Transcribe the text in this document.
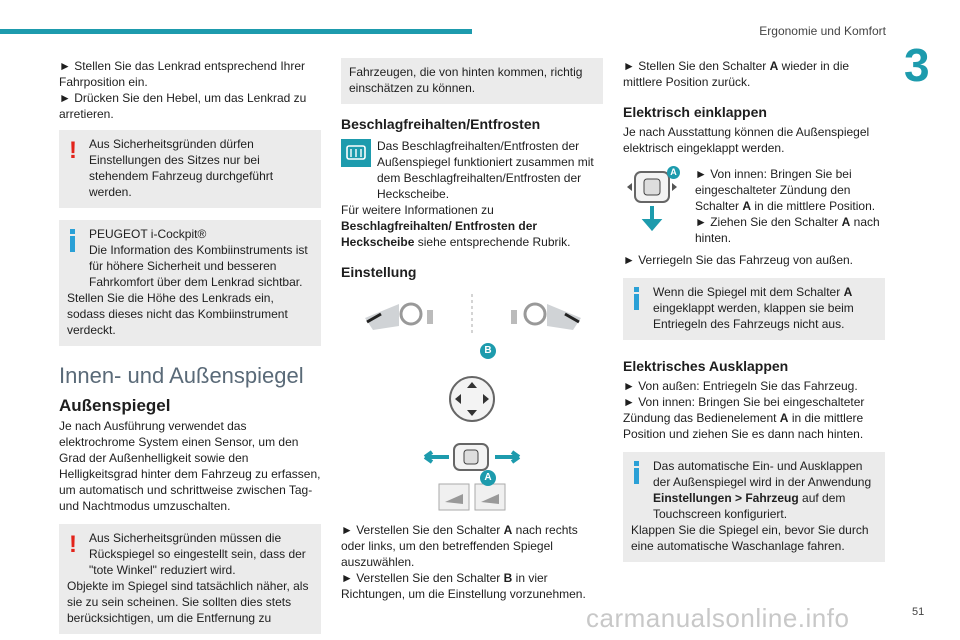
Ergonomie und Komfort
3

► Stellen Sie das Lenkrad entsprechend Ihrer Fahrposition ein.

► Drücken Sie den Hebel, um das Lenkrad zu arretieren.

!	Aus Sicherheitsgründen dürfen Einstellungen des Sitzes nur bei stehendem Fahrzeug durchgeführt werden.

PEUGEOT i-Cockpit®

Die Information des Kombiinstruments ist für höhere Sicherheit und besseren Fahrkomfort über dem Lenkrad sichtbar.

Stellen Sie die Höhe des Lenkrads ein, sodass dieses nicht das Kombiinstrument verdeckt.

Innen- und Außenspiegel
Außenspiegel

Je nach Ausführung verwendet das elektrochrome System einen Sensor, um den Grad der Außenhelligkeit sowie den Helligkeitsgrad hinter dem Fahrzeug zu erfassen, um automatisch und schrittweise zwischen Tag- und Nachtmodus umzuschalten.

!	Aus Sicherheitsgründen müssen die Rückspiegel so eingestellt sein, dass der "tote Winkel" reduziert wird.

Objekte im Spiegel sind tatsächlich näher, als sie zu sein scheinen. Sie sollten dies stets berücksichtigen, um die Entfernung zu

Fahrzeugen, die von hinten kommen, richtig einschätzen zu können.

Beschlagfreihalten/Entfrosten

Das Beschlagfreihalten/Entfrosten der Außenspiegel funktioniert zusammen mit dem Beschlagfreihalten/Entfrosten der Heckscheibe.

Für weitere Informationen zu Beschlagfreihalten/ Entfrosten der Heckscheibe siehe entsprechende Rubrik.

Einstellung
B
A

► Verstellen Sie den Schalter A nach rechts oder links, um den betreffenden Spiegel auszuwählen.

► Verstellen Sie den Schalter B in vier Richtungen, um die Einstellung vorzunehmen.

► Stellen Sie den Schalter A wieder in die mittlere Position zurück.

Elektrisch einklappen

Je nach Ausstattung können die Außenspiegel elektrisch eingeklappt werden.

A ► Von innen: Bringen Sie bei eingeschalteter Zündung den Schalter A in die mittlere Position.

► Ziehen Sie den Schalter A nach hinten.

► Verriegeln Sie das Fahrzeug von außen.

Wenn die Spiegel mit dem Schalter A eingeklappt werden, klappen sie beim Entriegeln des Fahrzeugs nicht aus.

Elektrisches Ausklappen

► Von außen: Entriegeln Sie das Fahrzeug.

► Von innen: Bringen Sie bei eingeschalteter Zündung das Bedienelement A in die mittlere Position und ziehen Sie es dann nach hinten.

Das automatische Ein- und Ausklappen der Außenspiegel wird in der Anwendung Einstellungen > Fahrzeug auf dem Touchscreen konfiguriert.

Klappen Sie die Spiegel ein, bevor Sie durch eine automatische Waschanlage fahren.

carmanualsonline.info	51
